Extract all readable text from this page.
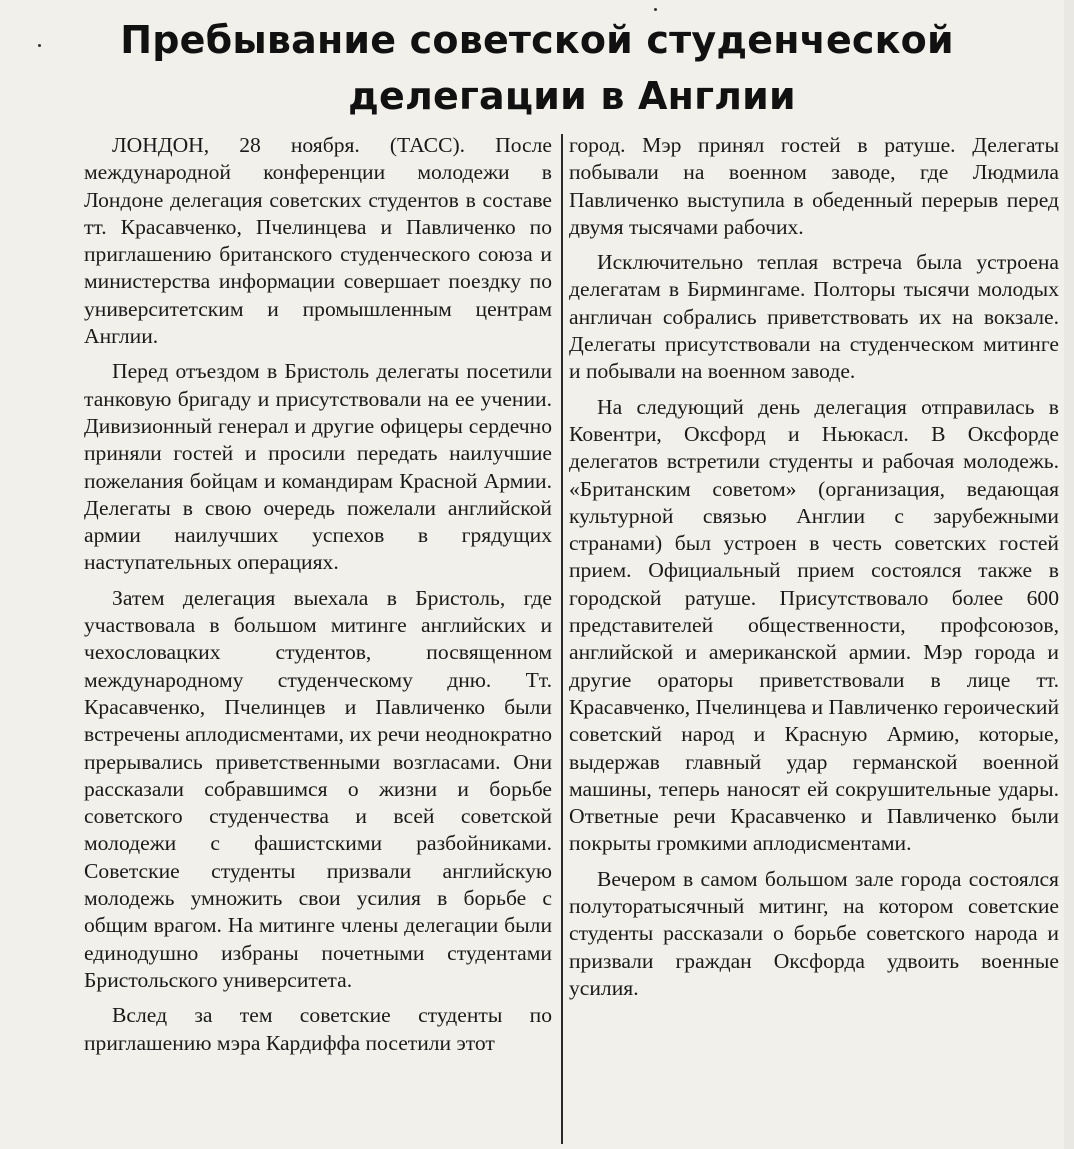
Пребывание советской студенческой
делегации в Англии

ЛОНДОН, 28 ноября. (ТАСС). После международной конференции молодежи в Лондоне делегация советских студентов в составе тт. Красавченко, Пчелинцева и Павличенко по приглашению британского студенческого союза и министерства информации совершает поездку по университетским и промышленным центрам Англии.

Перед отъездом в Бристоль делегаты посетили танковую бригаду и присутствовали на ее учении. Дивизионный генерал и другие офицеры сердечно приняли гостей и просили передать наилучшие пожелания бойцам и командирам Красной Армии. Делегаты в свою очередь пожелали английской армии наилучших успехов в грядущих наступательных операциях.

Затем делегация выехала в Бристоль, где участвовала в большом митинге английских и чехословацких студентов, посвященном международному студенческому дню. Тт. Красавченко, Пчелинцев и Павличенко были встречены аплодисментами, их речи неоднократно прерывались приветственными возгласами. Они рассказали собравшимся о жизни и борьбе советского студенчества и всей советской молодежи с фашистскими разбойниками. Советские студенты призвали английскую молодежь умножить свои усилия в борьбе с общим врагом. На митинге члены делегации были единодушно избраны почетными студентами Бристольского университета.

Вслед за тем советские студенты по приглашению мэра Кардиффа посетили этот

город. Мэр принял гостей в ратуше. Делегаты побывали на военном заводе, где Людмила Павличенко выступила в обеденный перерыв перед двумя тысячами рабочих.

Исключительно теплая встреча была устроена делегатам в Бирмингаме. Полторы тысячи молодых англичан собрались приветствовать их на вокзале. Делегаты присутствовали на студенческом митинге и побывали на военном заводе.

На следующий день делегация отправилась в Ковентри, Оксфорд и Ньюкасл. В Оксфорде делегатов встретили студенты и рабочая молодежь. «Британским советом» (организация, ведающая культурной связью Англии с зарубежными странами) был устроен в честь советских гостей прием. Официальный прием состоялся также в городской ратуше. Присутствовало более 600 представителей общественности, профсоюзов, английской и американской армии. Мэр города и другие ораторы приветствовали в лице тт. Красавченко, Пчелинцева и Павличенко героический советский народ и Красную Армию, которые, выдержав главный удар германской военной машины, теперь наносят ей сокрушительные удары. Ответные речи Красавченко и Павличенко были покрыты громкими аплодисментами.

Вечером в самом большом зале города состоялся полуторатысячный митинг, на котором советские студенты рассказали о борьбе советского народа и призвали граждан Оксфорда удвоить военные усилия.
